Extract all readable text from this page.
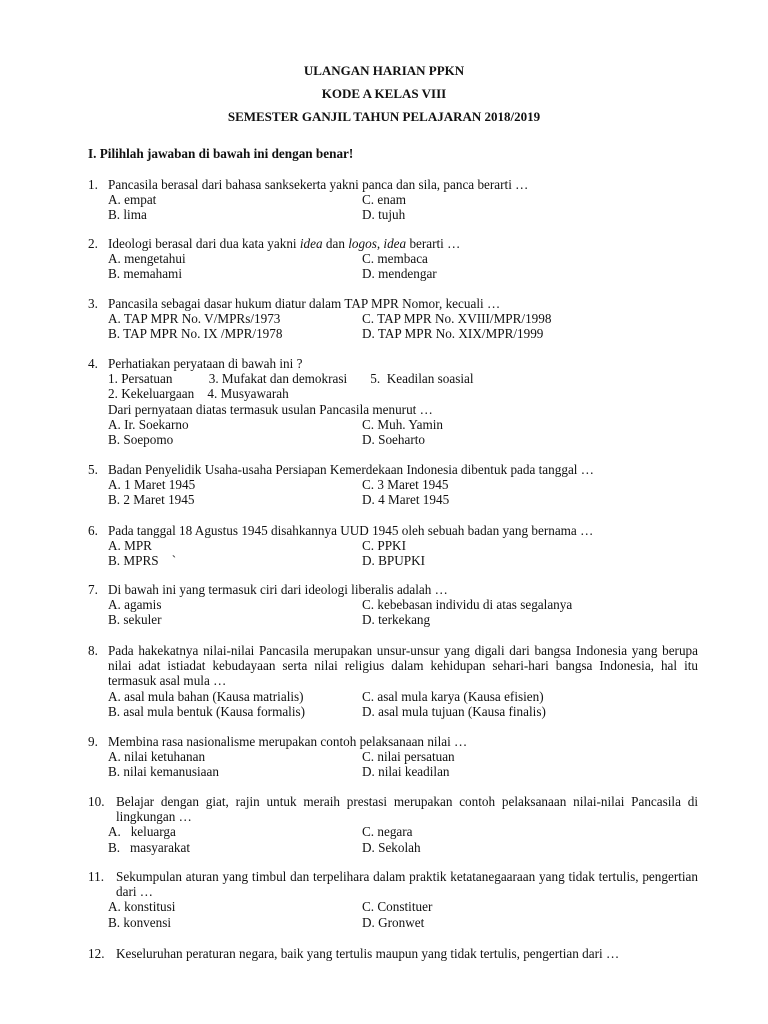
ULANGAN HARIAN PPKN
KODE A KELAS VIII
SEMESTER GANJIL TAHUN PELAJARAN 2018/2019
I. Pilihlah jawaban di bawah ini dengan benar!
1. Pancasila berasal dari bahasa sanksekerta yakni panca dan sila, panca berarti …
A. empat	C. enam
B. lima	D. tujuh
2. Ideologi berasal dari dua kata yakni idea dan logos, idea berarti …
A. mengetahui	C. membaca
B. memahami	D. mendengar
3. Pancasila sebagai dasar hukum diatur dalam TAP MPR Nomor, kecuali …
A. TAP MPR No. V/MPRs/1973	C. TAP MPR No. XVIII/MPR/1998
B. TAP MPR No. IX /MPR/1978	D. TAP MPR No. XIX/MPR/1999
4. Perhatiakan peryataan di bawah ini ?
1. Persatuan           3. Mufakat dan demokrasi       5.  Keadilan soasial
2. Kekeluargaan    4. Musyawarah
Dari pernyataan diatas termasuk usulan Pancasila menurut …
A. Ir. Soekarno	C. Muh. Yamin
B. Soepomo	D. Soeharto
5. Badan Penyelidik Usaha-usaha Persiapan Kemerdekaan Indonesia dibentuk pada tanggal …
A. 1 Maret 1945	C. 3 Maret 1945
B. 2 Maret 1945	D. 4 Maret 1945
6. Pada tanggal 18 Agustus 1945 disahkannya UUD 1945 oleh sebuah badan yang bernama …
A. MPR	C. PPKI
B. MPRS    `	D. BPUPKI
7. Di bawah ini yang termasuk ciri dari ideologi liberalis adalah …
A. agamis	C. kebebasan individu di atas segalanya
B. sekuler	D. terkekang
8. Pada hakekatnya nilai-nilai Pancasila merupakan unsur-unsur yang digali dari bangsa Indonesia yang berupa nilai adat istiadat kebudayaan serta nilai religius dalam kehidupan sehari-hari bangsa Indonesia, hal itu termasuk asal mula …
A. asal mula bahan (Kausa matrialis)	C. asal mula karya (Kausa efisien)
B. asal mula bentuk (Kausa formalis)	D. asal mula tujuan (Kausa finalis)
9. Membina rasa nasionalisme merupakan contoh pelaksanaan nilai …
A. nilai ketuhanan	C. nilai persatuan
B. nilai kemanusiaan	D. nilai keadilan
10. Belajar dengan giat, rajin untuk meraih prestasi merupakan contoh pelaksanaan nilai-nilai Pancasila di lingkungan …
A.   keluarga	C. negara
B.   masyarakat	D. Sekolah
11. Sekumpulan aturan yang timbul dan terpelihara dalam praktik ketatanegaaraan yang tidak tertulis, pengertian dari …
A. konstitusi	C. Constituer
B. konvensi	D. Gronwet
12. Keseluruhan peraturan negara, baik yang tertulis maupun yang tidak tertulis, pengertian dari …
